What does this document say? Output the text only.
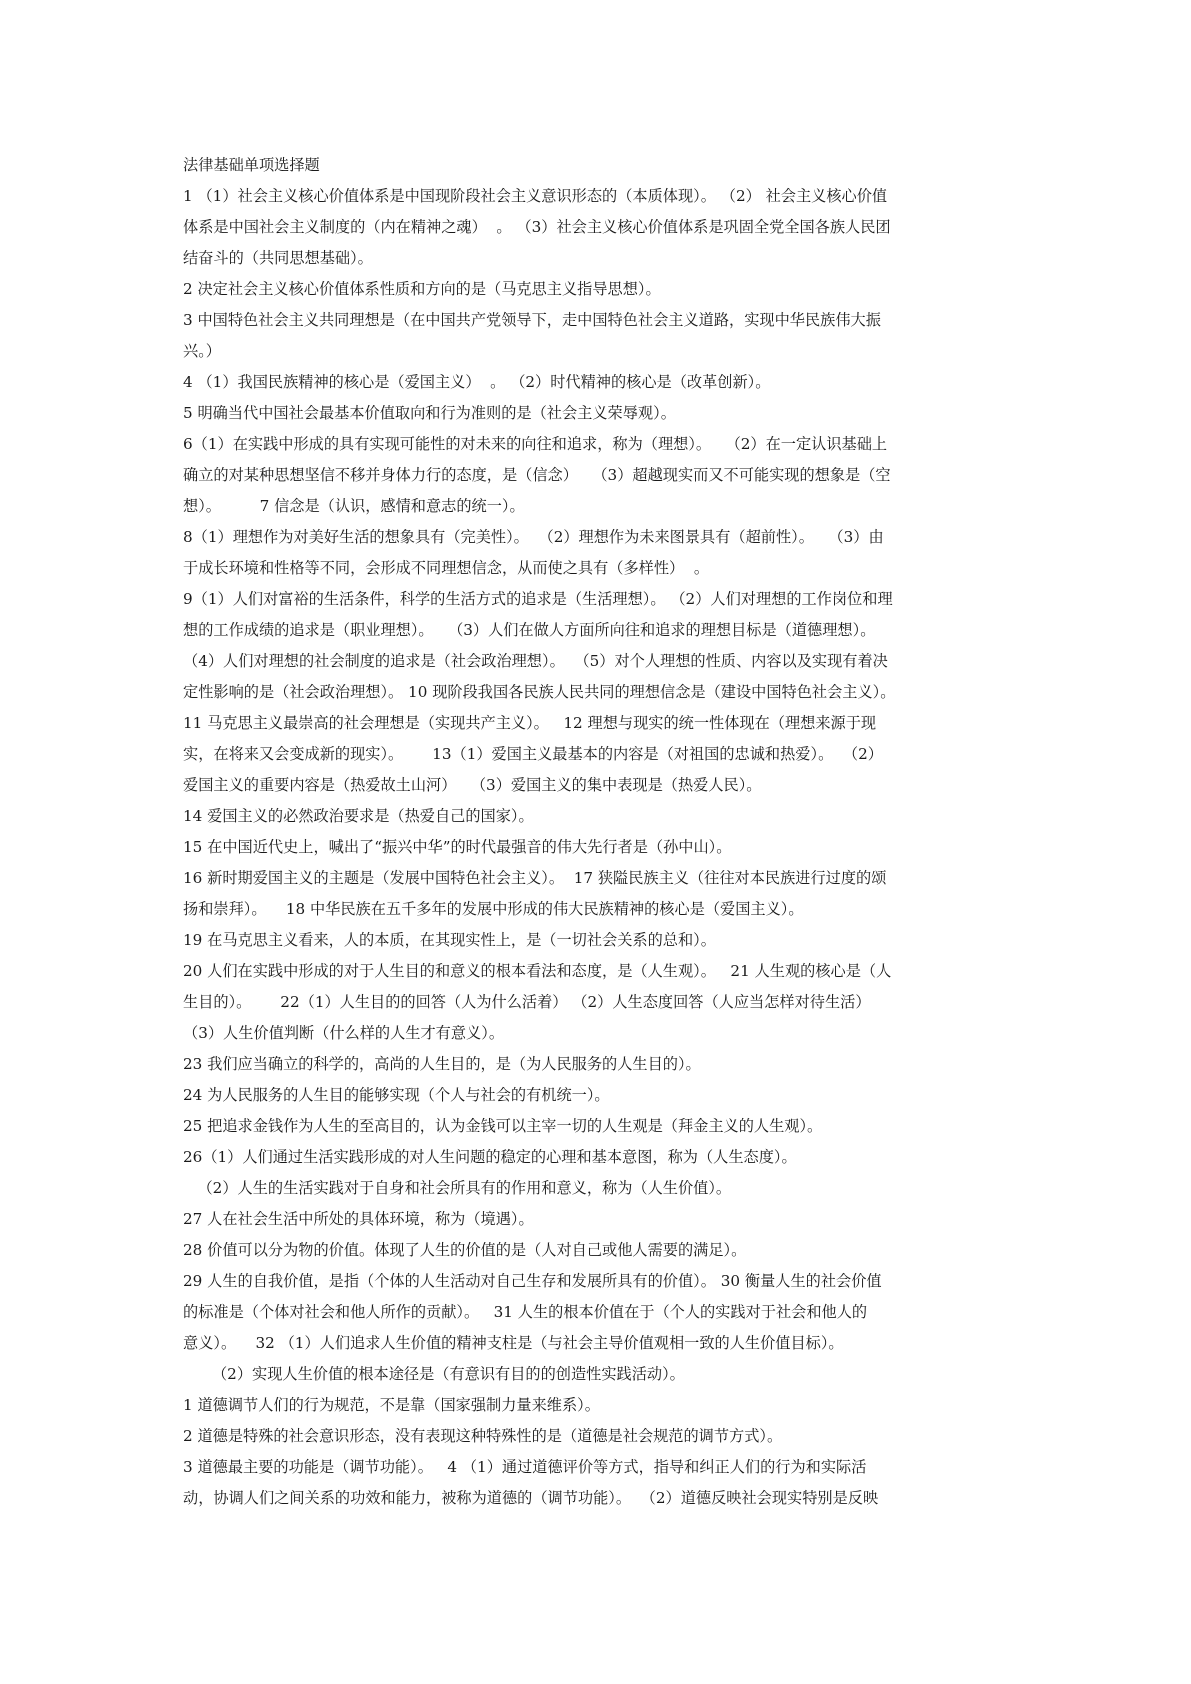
法律基础单项选择题
1 （1）社会主义核心价值体系是中国现阶段社会主义意识形态的（本质体现）。 （2） 社会主义核心价值
体系是中国社会主义制度的（内在精神之魂）  。 （3）社会主义核心价值体系是巩固全党全国各族人民团
结奋斗的（共同思想基础）。
2 决定社会主义核心价值体系性质和方向的是（马克思主义指导思想）。
3 中国特色社会主义共同理想是（在中国共产党领导下，走中国特色社会主义道路，实现中华民族伟大振
兴。）
4 （1）我国民族精神的核心是（爱国主义）  。 （2）时代精神的核心是（改革创新）。
5 明确当代中国社会最基本价值取向和行为准则的是（社会主义荣辱观）。
6（1）在实践中形成的具有实现可能性的对未来的向往和追求，称为（理想）。   （2）在一定认识基础上
确立的对某种思想坚信不移并身体力行的态度，是（信念）   （3）超越现实而又不可能实现的想象是（空
想）。        7 信念是（认识，感情和意志的统一）。
8（1）理想作为对美好生活的想象具有（完美性）。  （2）理想作为未来图景具有（超前性）。   （3）由
于成长环境和性格等不同，会形成不同理想信念，从而使之具有（多样性）  。
9（1）人们对富裕的生活条件，科学的生活方式的追求是（生活理想）。 （2）人们对理想的工作岗位和理
想的工作成绩的追求是（职业理想）。   （3）人们在做人方面所向往和追求的理想目标是（道德理想）。
（4）人们对理想的社会制度的追求是（社会政治理想）。  （5）对个人理想的性质、内容以及实现有着决
定性影响的是（社会政治理想）。 10 现阶段我国各民族人民共同的理想信念是（建设中国特色社会主义）。
11 马克思主义最崇高的社会理想是（实现共产主义）。   12 理想与现实的统一性体现在（理想来源于现
实，在将来又会变成新的现实）。      13（1）爱国主义最基本的内容是（对祖国的忠诚和热爱）。  （2）
爱国主义的重要内容是（热爱故土山河）   （3）爱国主义的集中表现是（热爱人民）。
14 爱国主义的必然政治要求是（热爱自己的国家）。
15 在中国近代史上，喊出了“振兴中华”的时代最强音的伟大先行者是（孙中山）。
16 新时期爱国主义的主题是（发展中国特色社会主义）。  17 狭隘民族主义（往往对本民族进行过度的颂
扬和崇拜）。    18 中华民族在五千多年的发展中形成的伟大民族精神的核心是（爱国主义）。
19 在马克思主义看来，人的本质，在其现实性上，是（一切社会关系的总和）。
20 人们在实践中形成的对于人生目的和意义的根本看法和态度，是（人生观）。   21 人生观的核心是（人
生目的）。      22（1）人生目的的回答（人为什么活着） （2）人生态度回答（人应当怎样对待生活）
（3）人生价值判断（什么样的人生才有意义）。
23 我们应当确立的科学的，高尚的人生目的，是（为人民服务的人生目的）。
24 为人民服务的人生目的能够实现（个人与社会的有机统一）。
25 把追求金钱作为人生的至高目的，认为金钱可以主宰一切的人生观是（拜金主义的人生观）。
26（1）人们通过生活实践形成的对人生问题的稳定的心理和基本意图，称为（人生态度）。
（2）人生的生活实践对于自身和社会所具有的作用和意义，称为（人生价值）。
27 人在社会生活中所处的具体环境，称为（境遇）。
28 价值可以分为物的价值。体现了人生的价值的是（人对自己或他人需要的满足）。
29 人生的自我价值，是指（个体的人生活动对自己生存和发展所具有的价值）。 30 衡量人生的社会价值
的标准是（个体对社会和他人所作的贡献）。   31 人生的根本价值在于（个人的实践对于社会和他人的
意义）。    32 （1）人们追求人生价值的精神支柱是（与社会主导价值观相一致的人生价值目标）。
（2）实现人生价值的根本途径是（有意识有目的的创造性实践活动）。
1 道德调节人们的行为规范，不是靠（国家强制力量来维系）。
2 道德是特殊的社会意识形态，没有表现这种特殊性的是（道德是社会规范的调节方式）。
3 道德最主要的功能是（调节功能）。   4 （1）通过道德评价等方式，指导和纠正人们的行为和实际活
动，协调人们之间关系的功效和能力，被称为道德的（调节功能）。  （2）道德反映社会现实特别是反映
